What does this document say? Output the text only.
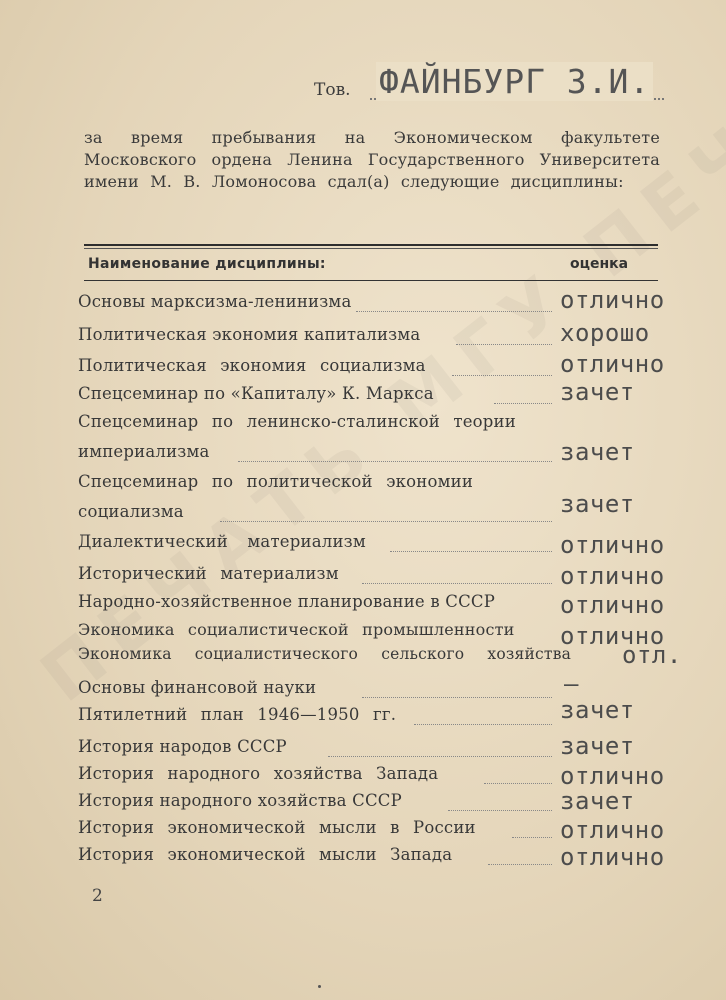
Тов. ФАЙНБУРГ З.И.
за время пребывания на Экономическом факультете Московского ордена Ленина Государственного Университета имени М. В. Ломоносова сдал(а) следующие дисциплины:
Наименование дисциплины:	оценка
Основы марксизма-ленинизма	отлично
Политическая экономия капитализма	хорошо
Политическая экономия социализма	отлично
Спецсеминар по «Капиталу» К. Маркса	зачет
Спецсеминар по ленинско-сталинской теории
империализма	зачет
Спецсеминар по политической экономии
социализма	зачет
Диалектический материализм	отлично
Исторический материализм	отлично
Народно-хозяйственное планирование в СССР	отлично
Экономика социалистической промышленности отлично
Экономика социалистического сельского хозяйства отл.
Основы финансовой науки	—
Пятилетний план 1946—1950 гг.	зачет
История народов СССР	зачет
История народного хозяйства Запада	отлично
История народного хозяйства СССР	зачет
История экономической мысли в России	отлично
История экономической мысли Запада	отлично
2
